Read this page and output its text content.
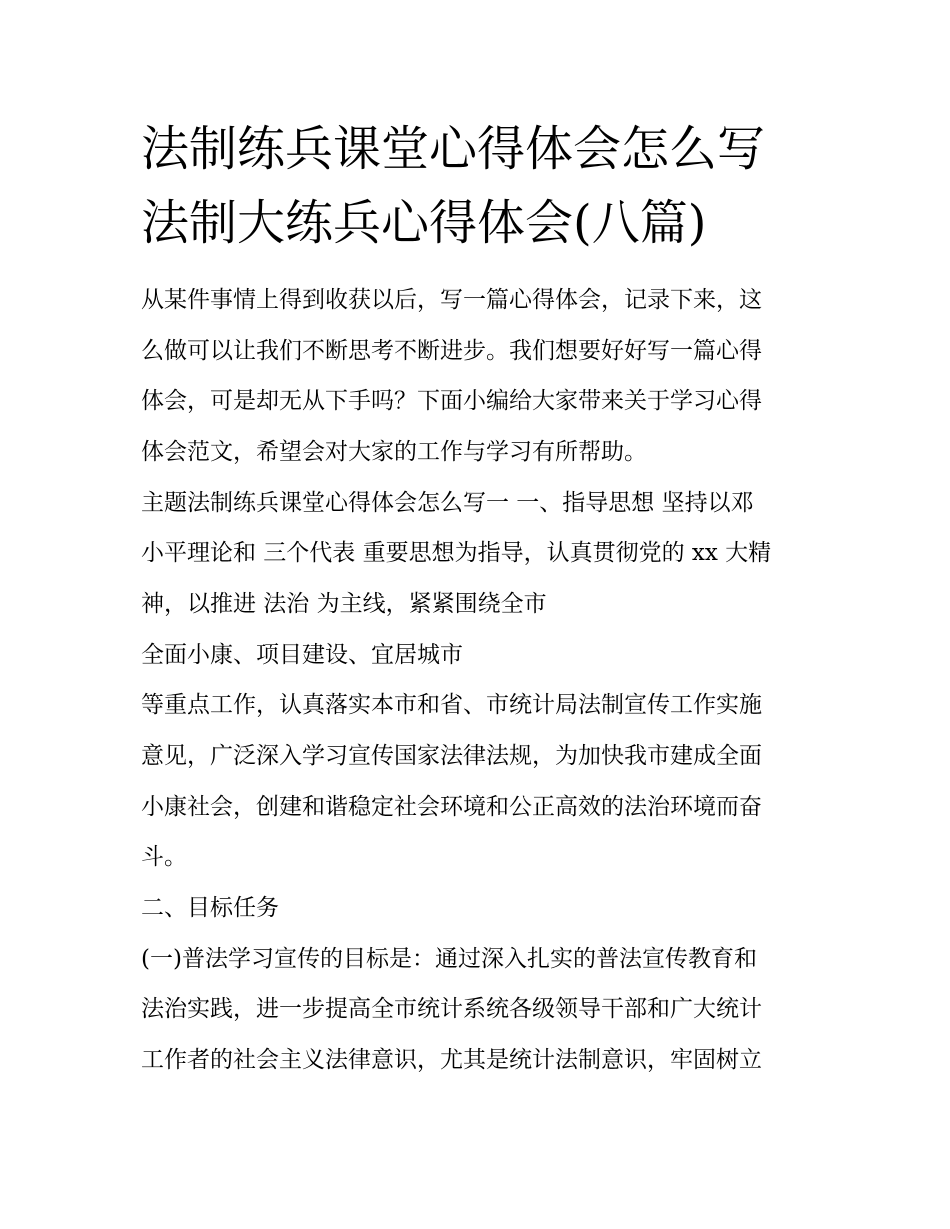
法制练兵课堂心得体会怎么写
法制大练兵心得体会(八篇)

从某件事情上得到收获以后，写一篇心得体会，记录下来，这

么做可以让我们不断思考不断进步。我们想要好好写一篇心得

体会，可是却无从下手吗？下面小编给大家带来关于学习心得

体会范文，希望会对大家的工作与学习有所帮助。

主题法制练兵课堂心得体会怎么写一 一、指导思想 坚持以邓

小平理论和 三个代表 重要思想为指导，认真贯彻党的 xx 大精

神，以推进 法治 为主线，紧紧围绕全市

全面小康、项目建设、宜居城市

等重点工作，认真落实本市和省、市统计局法制宣传工作实施

意见，广泛深入学习宣传国家法律法规，为加快我市建成全面

小康社会，创建和谐稳定社会环境和公正高效的法治环境而奋

斗。

二、目标任务

(一)普法学习宣传的目标是：通过深入扎实的普法宣传教育和

法治实践，进一步提高全市统计系统各级领导干部和广大统计

工作者的社会主义法律意识，尤其是统计法制意识，牢固树立
